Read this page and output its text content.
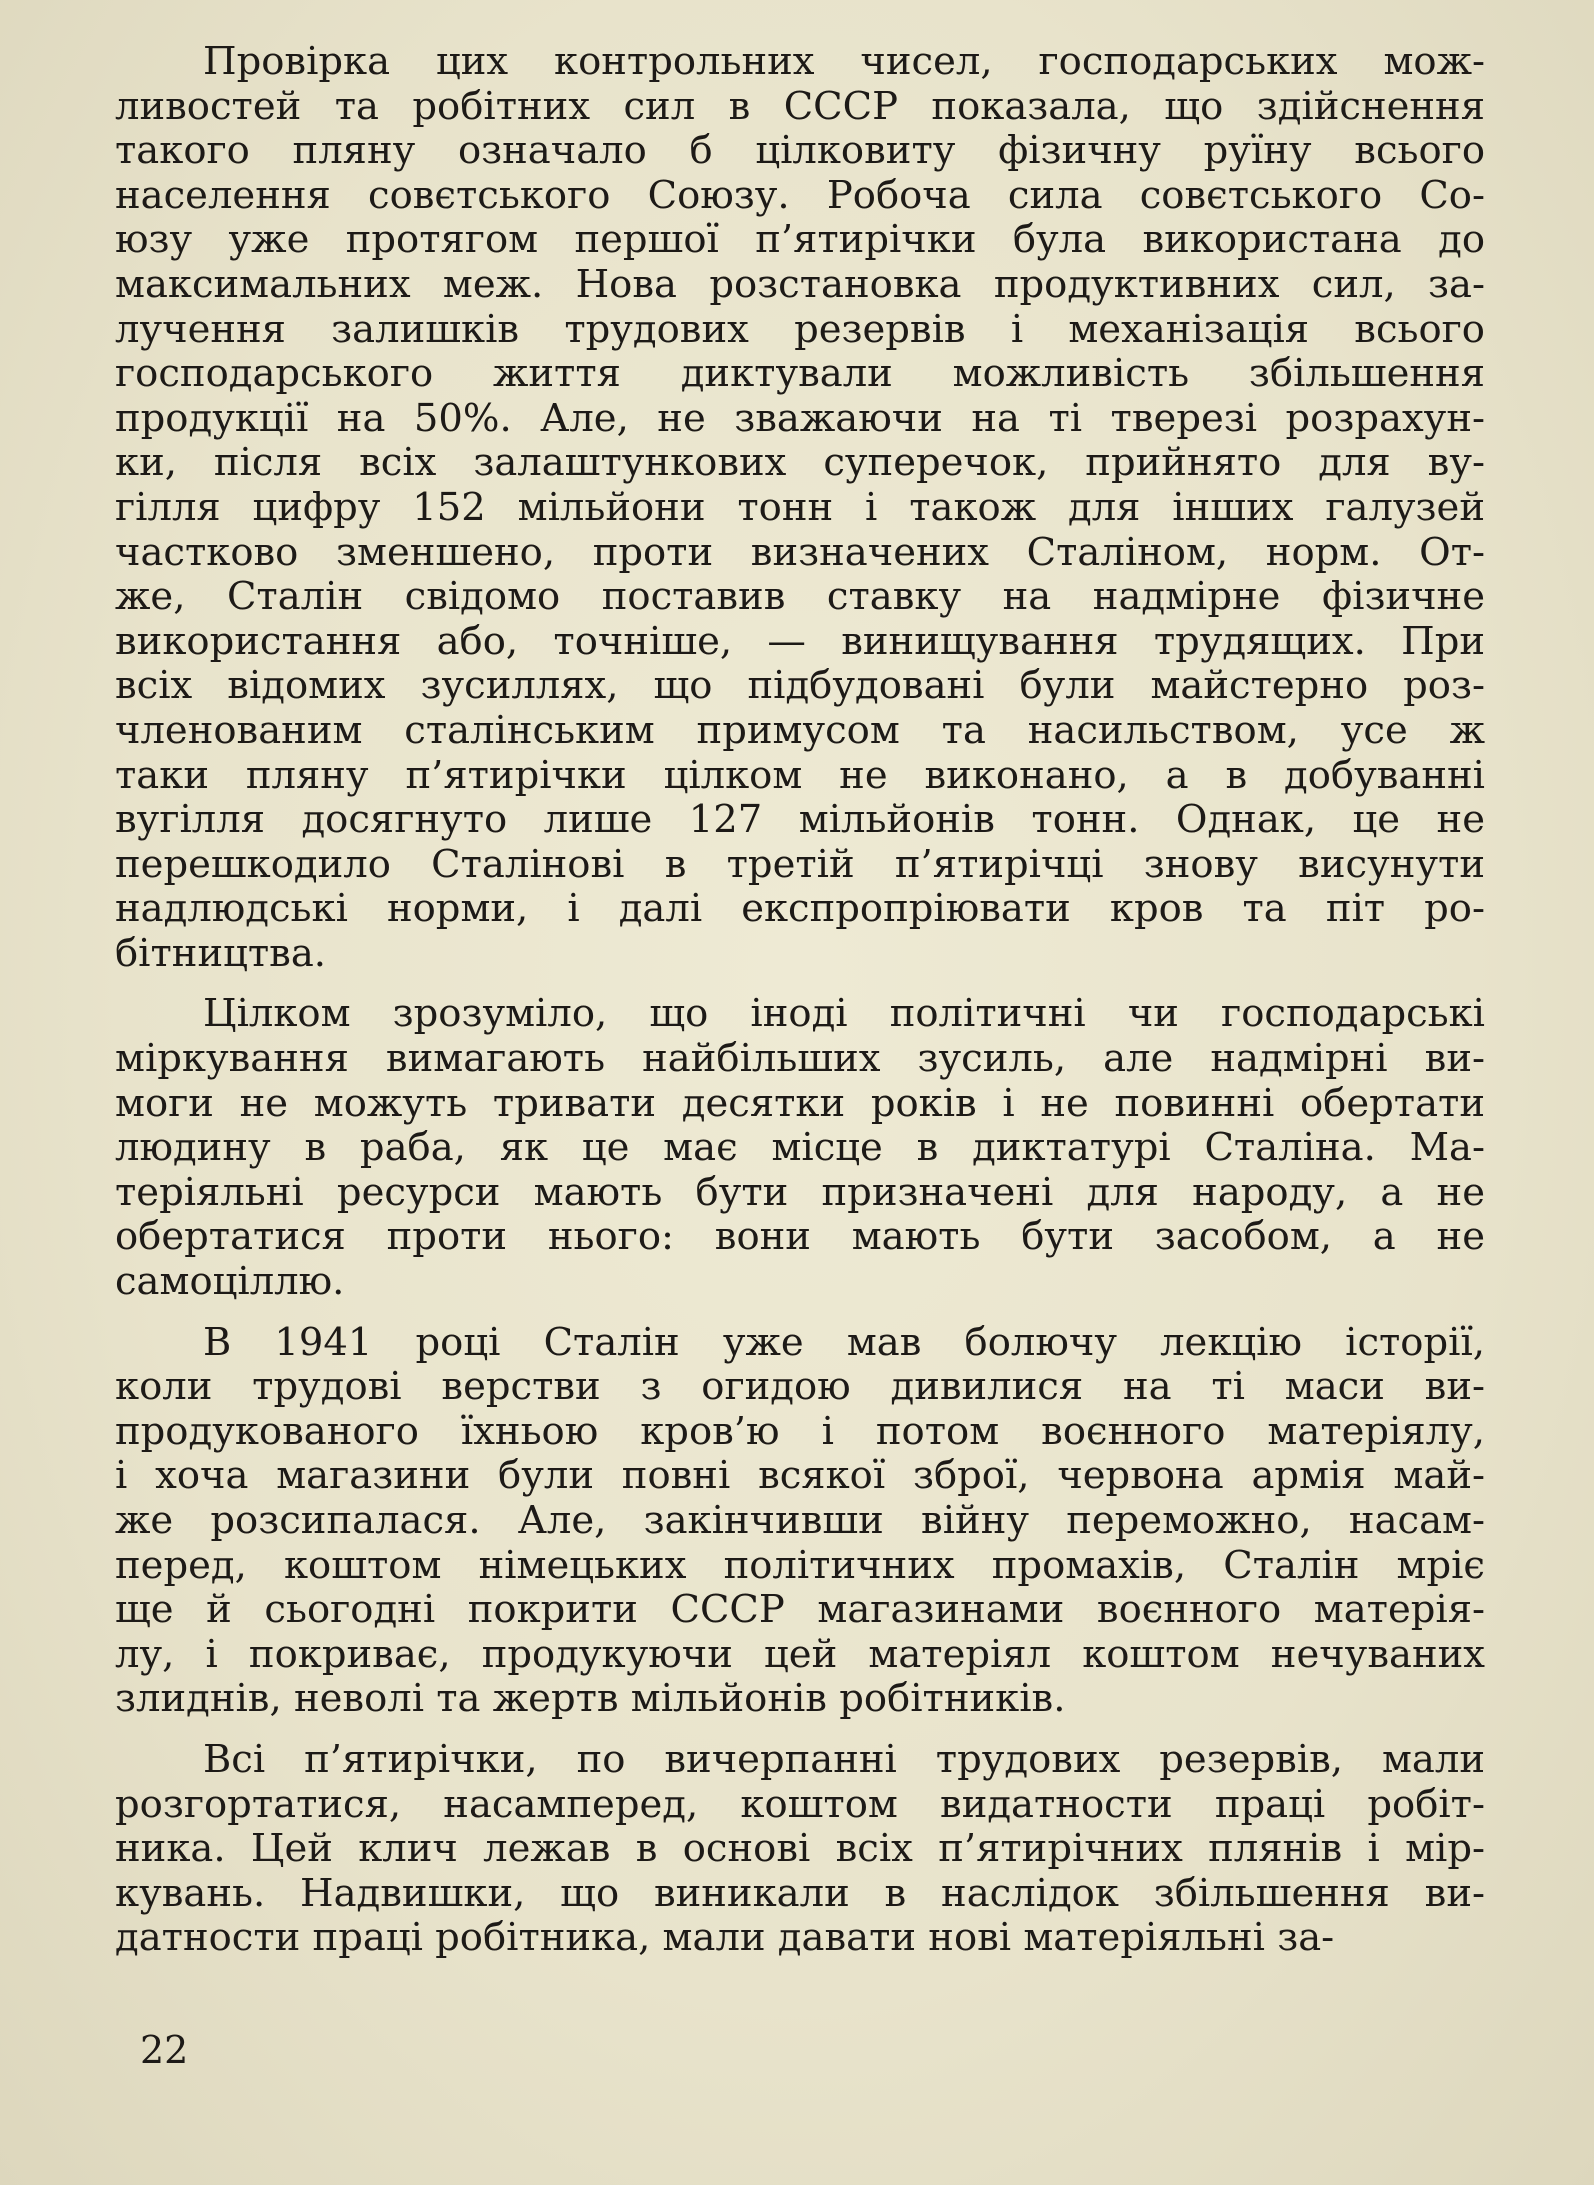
Провірка цих контрольних чисел, господарських мож-
ливостей та робітних сил в СССР показала, що здійснення
такого пляну означало б цілковиту фізичну руїну всього
населення совєтського Союзу. Робоча сила совєтського Со-
юзу уже протягом першої п’ятирічки була використана до
максимальних меж. Нова розстановка продуктивних сил, за-
лучення залишків трудових резервів і механізація всього
господарського життя диктували можливість збільшення
продукції на 50%. Але, не зважаючи на ті тверезі розрахун-
ки, після всіх залаштункових суперечок, прийнято для ву-
гілля цифру 152 мільйони тонн і також для інших галузей
частково зменшено, проти визначених Сталіном, норм. От-
же, Сталін свідомо поставив ставку на надмірне фізичне
використання або, точніше, — винищування трудящих. При
всіх відомих зусиллях, що підбудовані були майстерно роз-
членованим сталінським примусом та насильством, усе ж
таки пляну п’ятирічки цілком не виконано, а в добуванні
вугілля досягнуто лише 127 мільйонів тонн. Однак, це не
перешкодило Сталінові в третій п’ятирічці знову висунути
надлюдські норми, і далі експропріювати кров та піт ро-
бітництва.
Цілком зрозуміло, що іноді політичні чи господарські
міркування вимагають найбільших зусиль, але надмірні ви-
моги не можуть тривати десятки років і не повинні обертати
людину в раба, як це має місце в диктатурі Сталіна. Ма-
теріяльні ресурси мають бути призначені для народу, а не
обертатися проти нього: вони мають бути засобом, а не
самоціллю.
В 1941 році Сталін уже мав болючу лекцію історії,
коли трудові верстви з огидою дивилися на ті маси ви-
продукованого їхньою кров’ю і потом воєнного матеріялу,
і хоча магазини були повні всякої зброї, червона армія май-
же розсипалася. Але, закінчивши війну переможно, насам-
перед, коштом німецьких політичних промахів, Сталін мріє
ще й сьогодні покрити СССР магазинами воєнного матерія-
лу, і покриває, продукуючи цей матеріял коштом нечуваних
злиднів, неволі та жертв мільйонів робітників.
Всі п’ятирічки, по вичерпанні трудових резервів, мали
розгортатися, насамперед, коштом видатности праці робіт-
ника. Цей клич лежав в основі всіх п’ятирічних плянів і мір-
кувань. Надвишки, що виникали в наслідок збільшення ви-
датности праці робітника, мали давати нові матеріяльні за-
22
